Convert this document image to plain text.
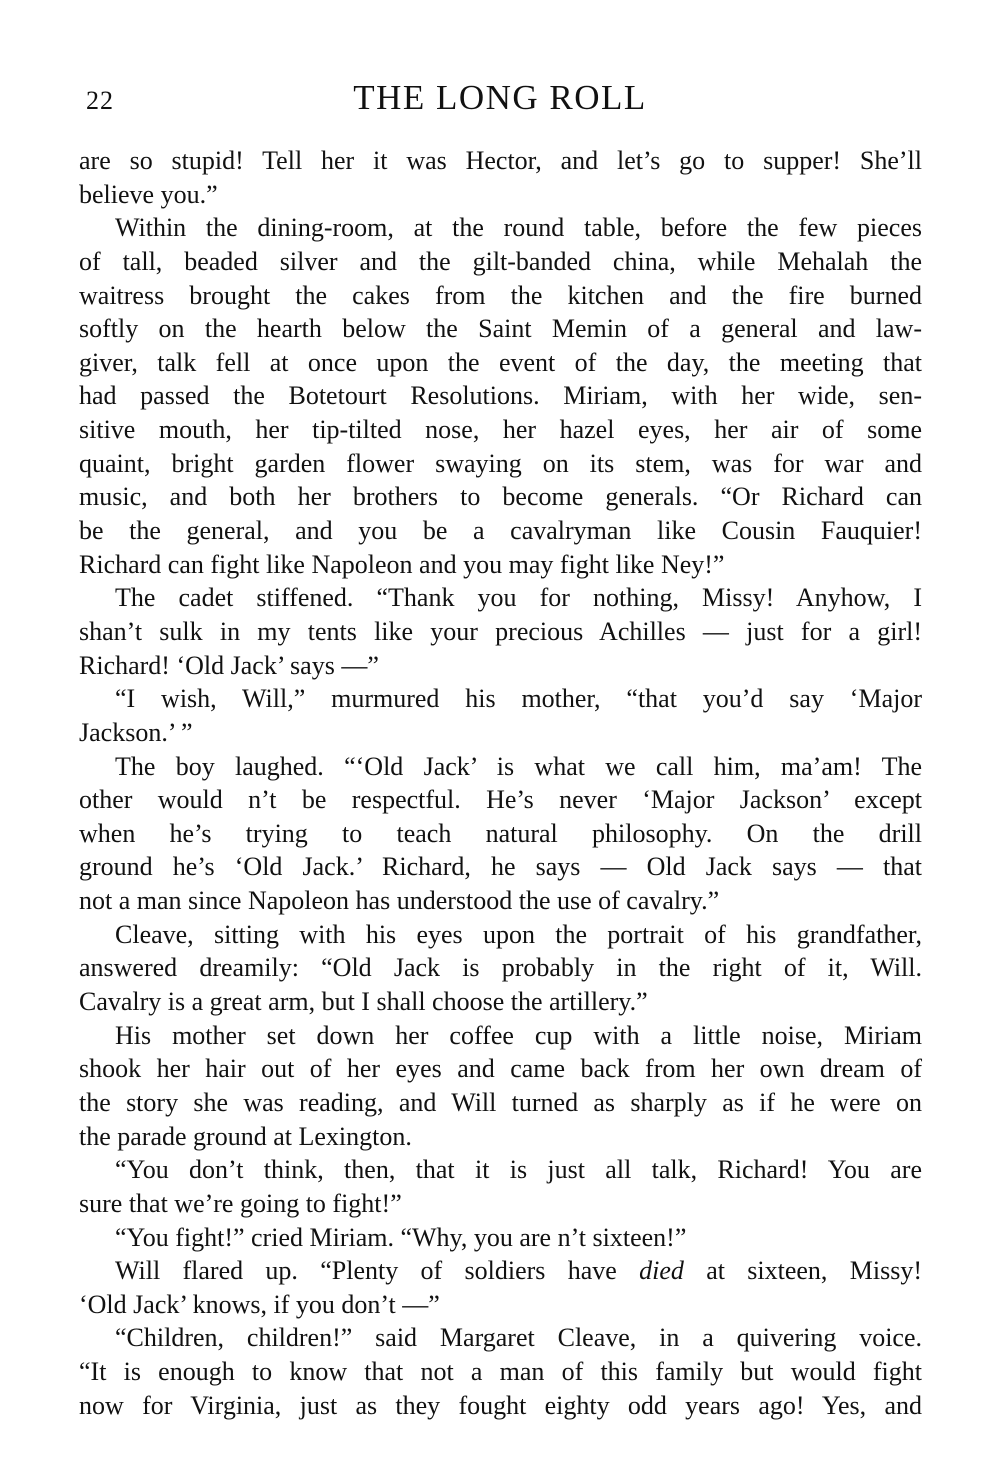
22	THE LONG ROLL
are so stupid! Tell her it was Hector, and let’s go to supper! She’ll
believe you.”
Within the dining-room, at the round table, before the few pieces
of tall, beaded silver and the gilt-banded china, while Mehalah the
waitress brought the cakes from the kitchen and the fire burned
softly on the hearth below the Saint Memin of a general and law-
giver, talk fell at once upon the event of the day, the meeting that
had passed the Botetourt Resolutions. Miriam, with her wide, sen-
sitive mouth, her tip-tilted nose, her hazel eyes, her air of some
quaint, bright garden flower swaying on its stem, was for war and
music, and both her brothers to become generals. “Or Richard can
be the general, and you be a cavalryman like Cousin Fauquier!
Richard can fight like Napoleon and you may fight like Ney!”
The cadet stiffened. “Thank you for nothing, Missy! Anyhow, I
shan’t sulk in my tents like your precious Achilles — just for a girl!
Richard! ‘Old Jack’ says —”
“I wish, Will,” murmured his mother, “that you’d say ‘Major
Jackson.’ ”
The boy laughed. “‘Old Jack’ is what we call him, ma’am! The
other would n’t be respectful. He’s never ‘Major Jackson’ except
when he’s trying to teach natural philosophy. On the drill
ground he’s ‘Old Jack.’ Richard, he says — Old Jack says — that
not a man since Napoleon has understood the use of cavalry.”
Cleave, sitting with his eyes upon the portrait of his grandfather,
answered dreamily: “Old Jack is probably in the right of it, Will.
Cavalry is a great arm, but I shall choose the artillery.”
His mother set down her coffee cup with a little noise, Miriam
shook her hair out of her eyes and came back from her own dream of
the story she was reading, and Will turned as sharply as if he were on
the parade ground at Lexington.
“You don’t think, then, that it is just all talk, Richard! You are
sure that we’re going to fight!”
“You fight!” cried Miriam. “Why, you are n’t sixteen!”
Will flared up. “Plenty of soldiers have died at sixteen, Missy!
‘Old Jack’ knows, if you don’t —”
“Children, children!” said Margaret Cleave, in a quivering voice.
“It is enough to know that not a man of this family but would fight
now for Virginia, just as they fought eighty odd years ago! Yes, and
